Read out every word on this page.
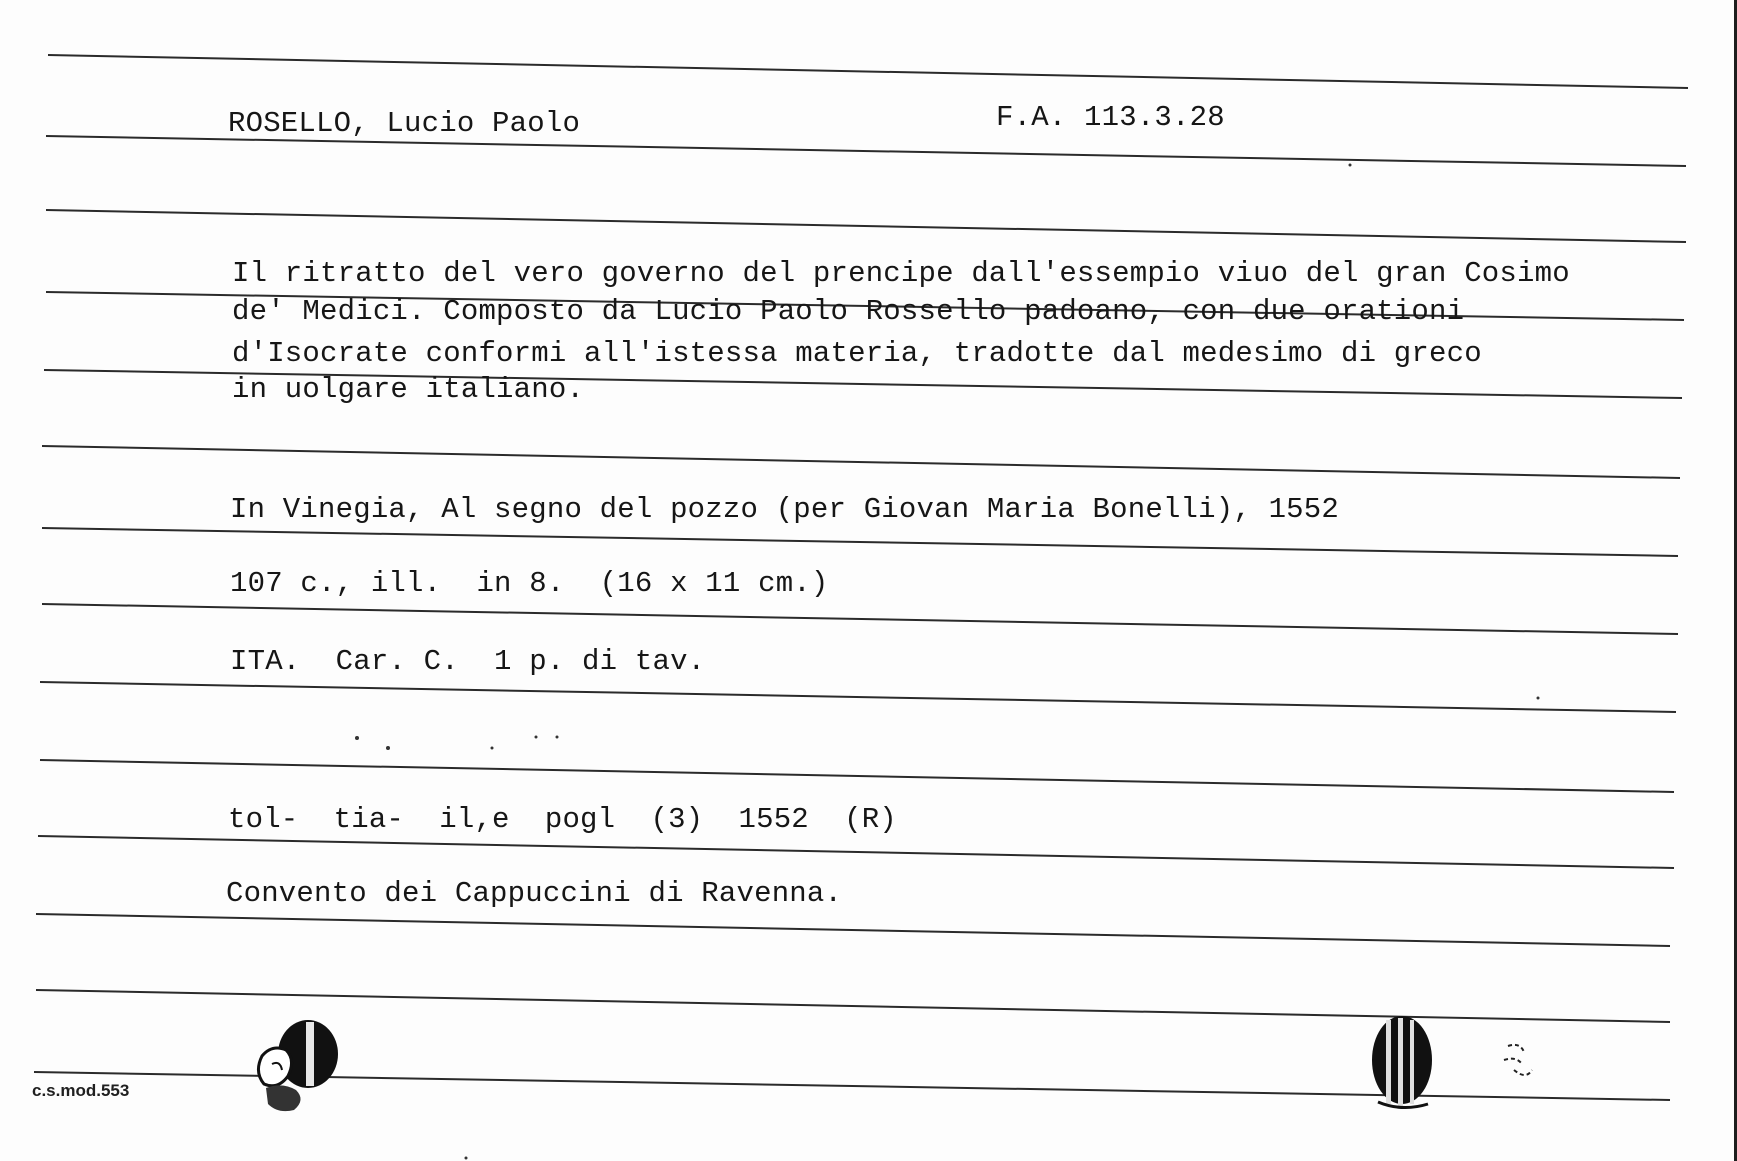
ROSELLO, Lucio Paolo	F.A. 113.3.28
Il ritratto del vero governo del prencipe dall'essempio viuo del gran Cosimo
de' Medici. Composto da Lucio Paolo Rossello padoano, con due orationi
d'Isocrate conformi all'istessa materia, tradotte dal medesimo di greco
in uolgare italiano.
In Vinegia, Al segno del pozzo (per Giovan Maria Bonelli), 1552
107 c., ill.  in 8.  (16 x 11 cm.)
ITA.  Car. C.  1 p. di tav.
tol-  tia-  il,e  pogl  (3)  1552  (R)
Convento dei Cappuccini di Ravenna.
c.s.mod.553
